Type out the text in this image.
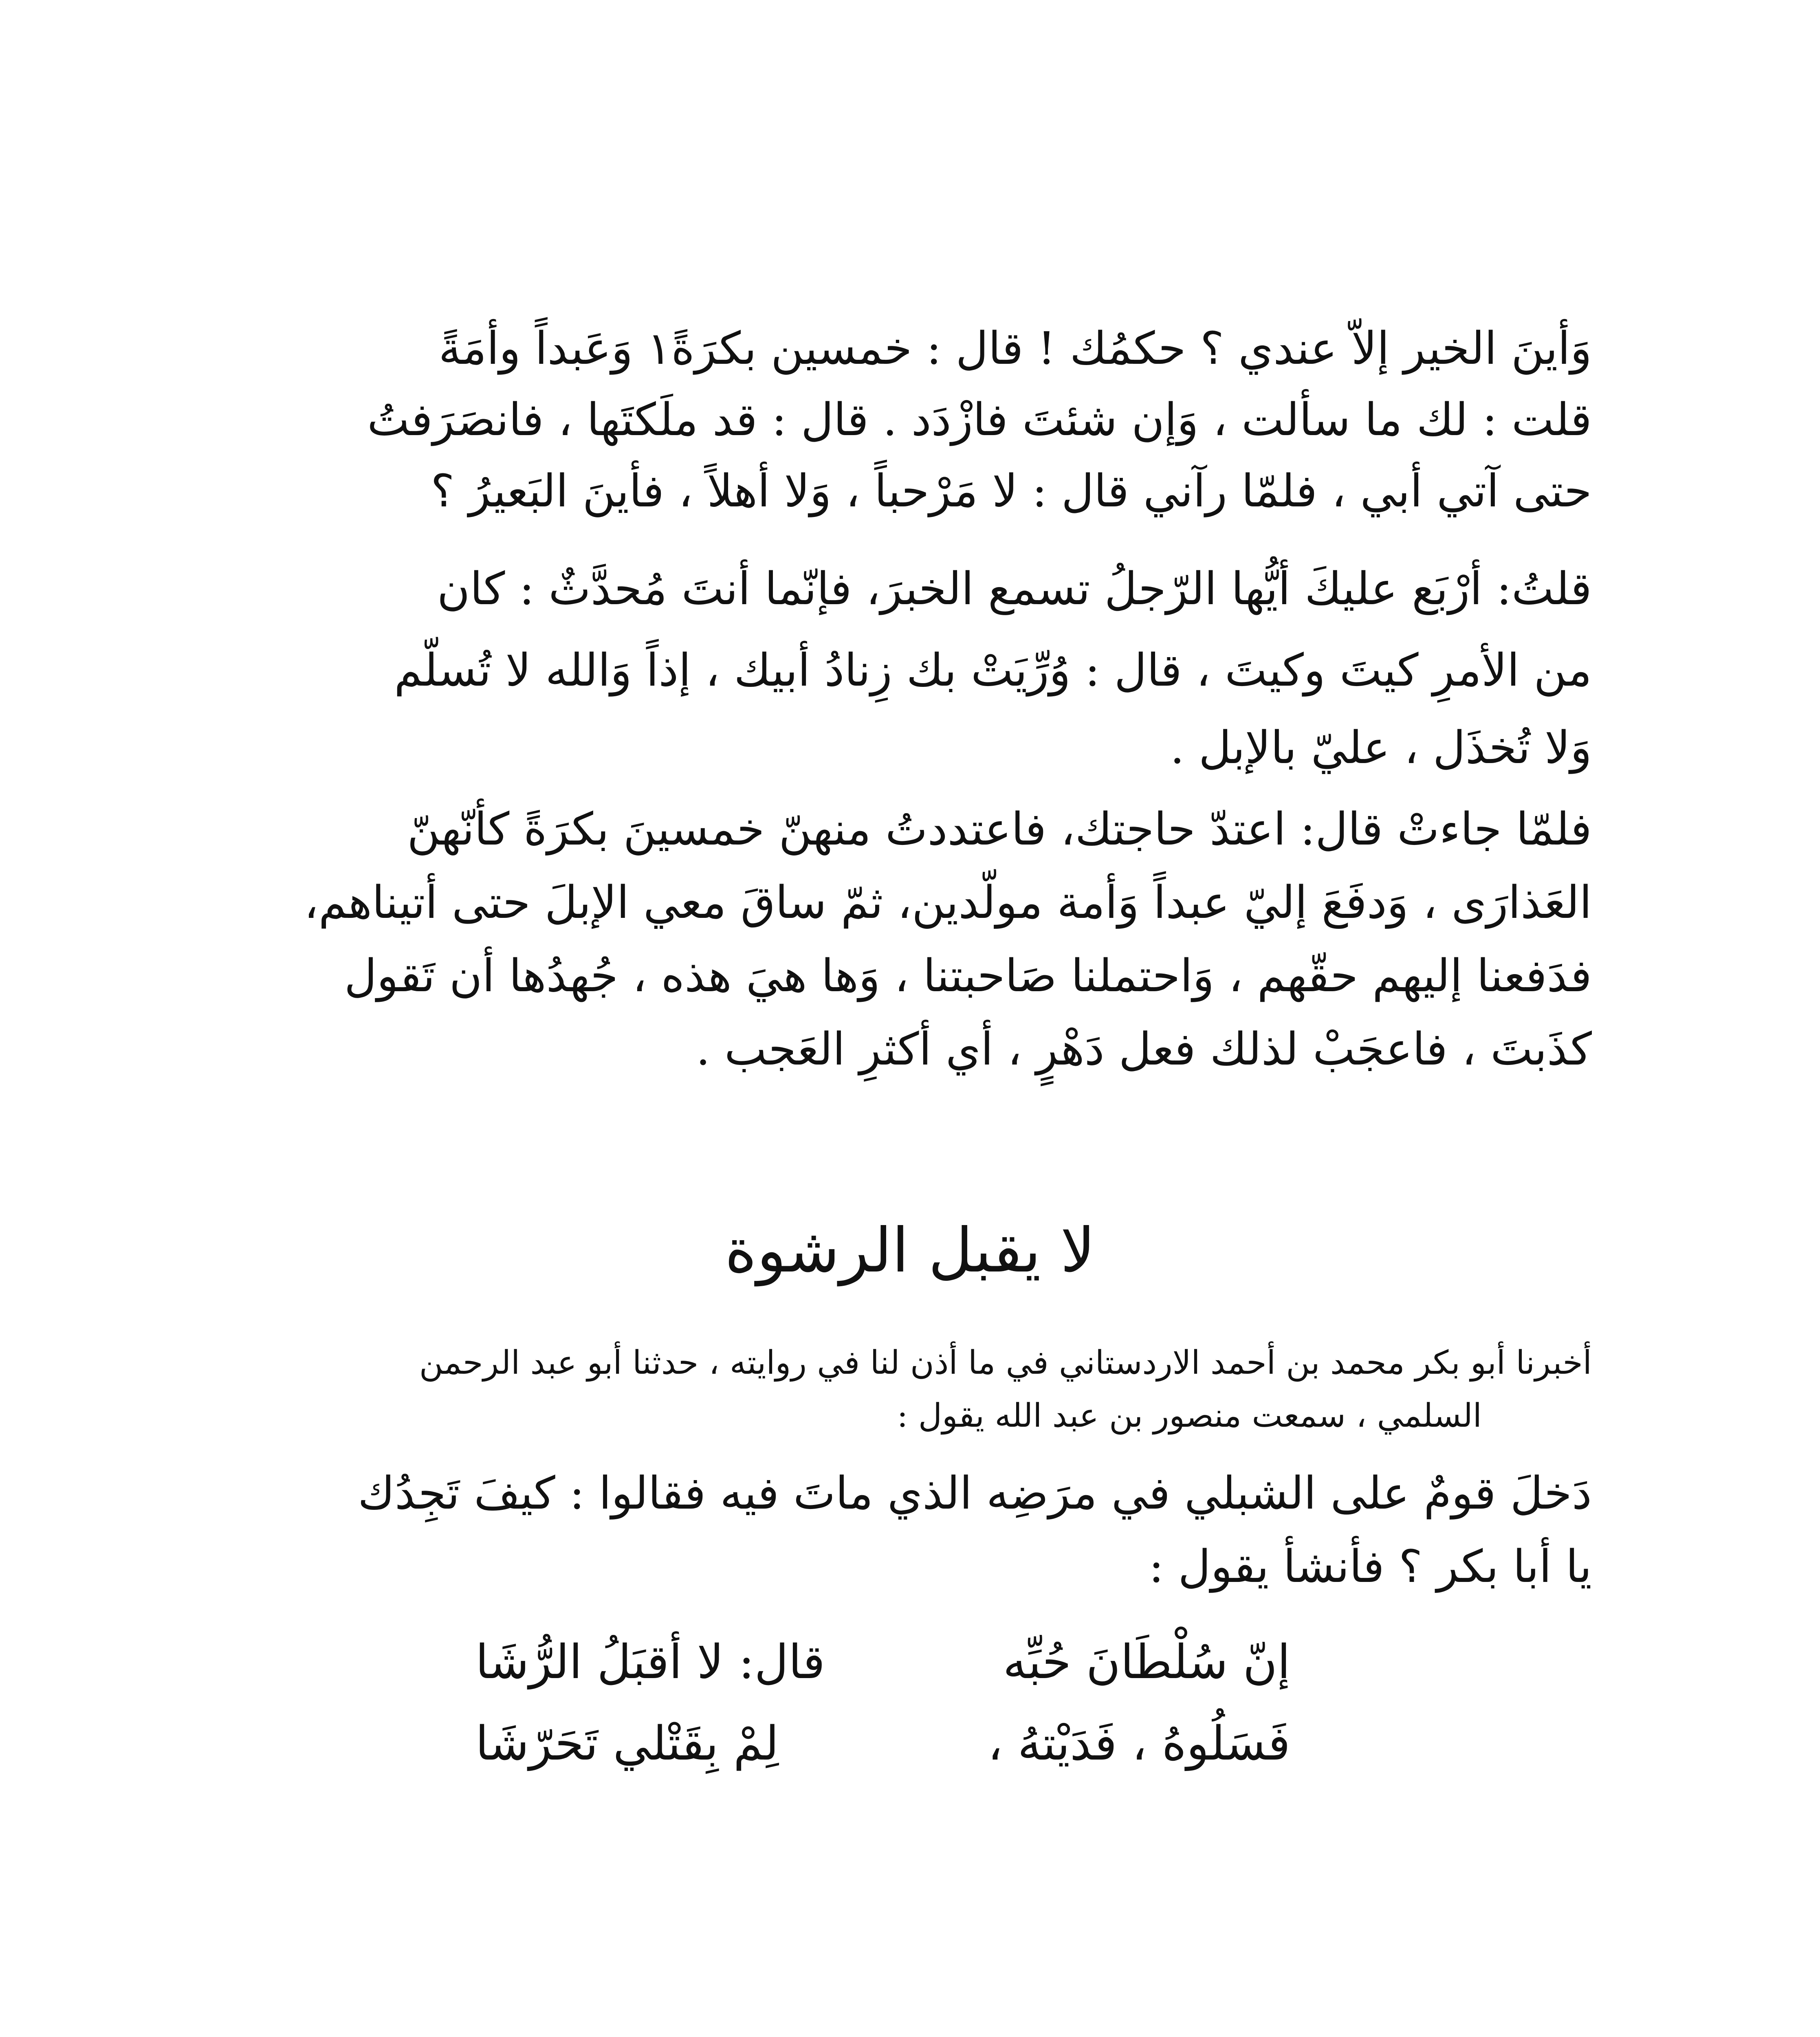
وَأينَ الخير إلاّ عندي ؟ حكمُك ! قال : خمسين بكرَةً١ وَعَبداً وأمَةً
قلت : لك ما سألت ، وَإن شئتَ فازْدَد . قال : قد ملَكتَها ، فانصَرَفتُ
حتى آتي أبي ، فلمّا رآني قال : لا مَرْحباً ، وَلا أهلاً ، فأينَ البَعيرُ ؟
قلتُ: أرْبَع عليكَ أيُّها الرّجلُ تسمع الخبرَ، فإنّما أنتَ مُحدَّثٌ : كان
من الأمرِ كيتَ وكيتَ ، قال : وُرِّيَتْ بك زِنادُ أبيك ، إذاً وَالله لا تُسلّم
وَلا تُخذَل ، عليّ بالإبل .
فلمّا جاءتْ قال: اعتدّ حاجتك، فاعتددتُ منهنّ خمسينَ بكرَةً كأنّهنّ
العَذارَى ، وَدفَعَ إليّ عبداً وَأمة مولّدين، ثمّ ساقَ معي الإبلَ حتى أتيناهم،
فدَفعنا إليهم حقّهم ، وَاحتملنا صَاحبتنا ، وَها هيَ هذه ، جُهدُها أن تَقول
كذَبتَ ، فاعجَبْ لذلك فعل دَهْرٍ ، أي أكثرِ العَجب .
لا يقبل الرشوة
أخبرنا أبو بكر محمد بن أحمد الاردستاني في ما أذن لنا في روايته ، حدثنا أبو عبد الرحمن
السلمي ، سمعت منصور بن عبد الله يقول :
دَخلَ قومٌ على الشبلي في مرَضِه الذي ماتَ فيه فقالوا : كيفَ تَجِدُك
يا أبا بكر ؟ فأنشأ يقول :
إنّ سُلْطَانَ حُبِّه
قال: لا أقبَلُ الرُّشَا
فَسَلُوهُ ، فَدَيْتهُ ،
لِمْ بِقَتْلي تَحَرّشَا
